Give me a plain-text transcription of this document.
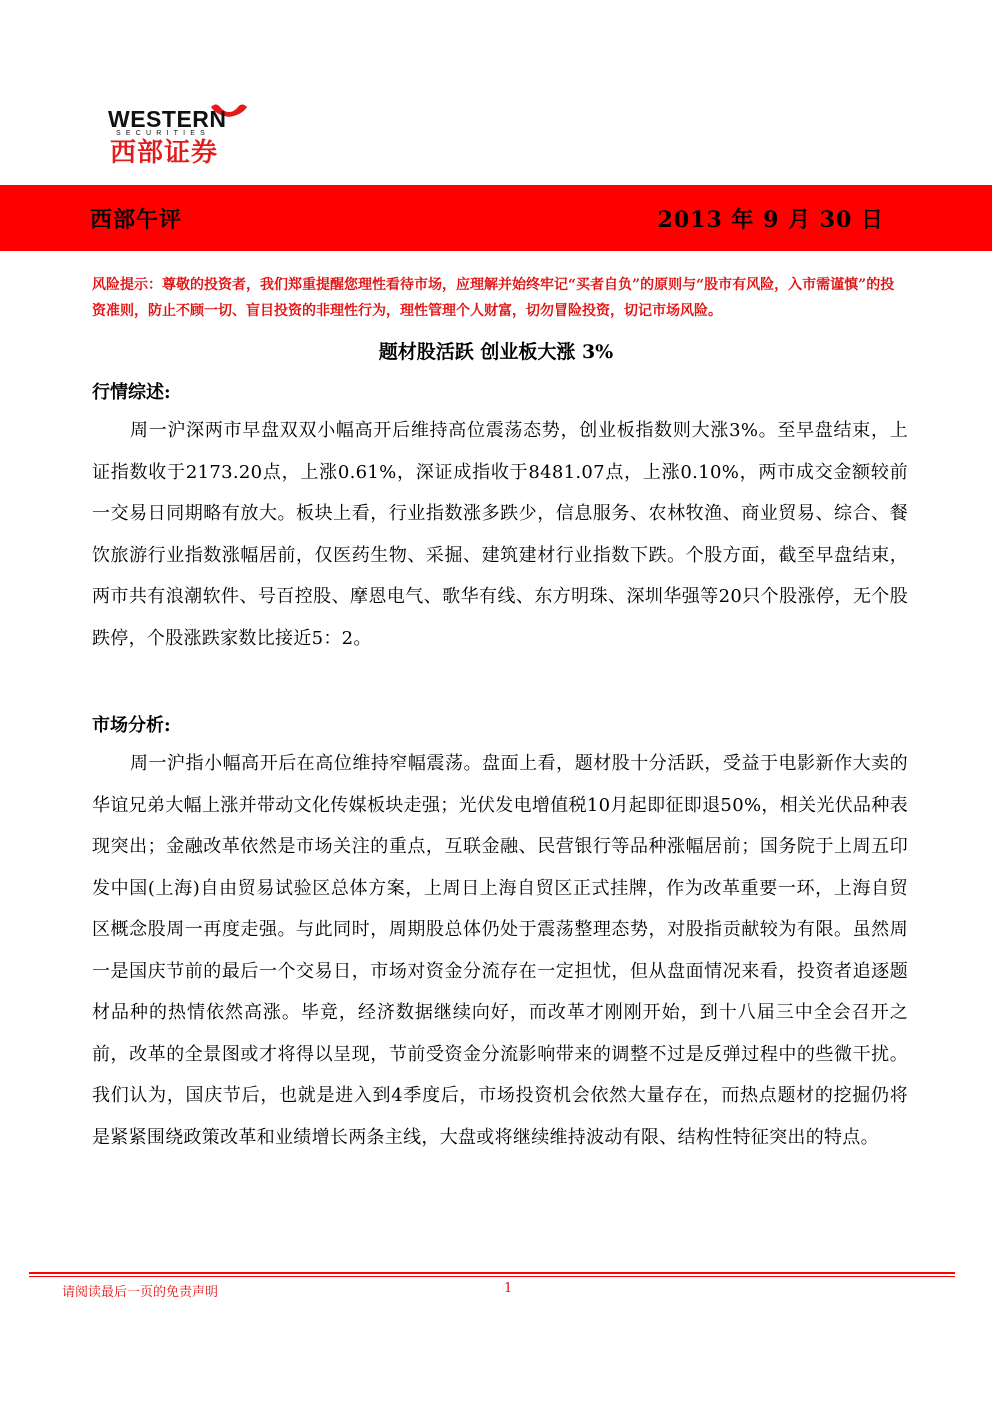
WESTERN
SECURITIES
西部证券
西部午评	2013 年 9 月 30 日

风险提示：尊敬的投资者，我们郑重提醒您理性看待市场，应理解并始终牢记“买者自负”的原则与“股市有风险，入市需谨慎”的投资准则，防止不顾一切、盲目投资的非理性行为，理性管理个人财富，切勿冒险投资，切记市场风险。

题材股活跃 创业板大涨 3%
行情综述:

周一沪深两市早盘双双小幅高开后维持高位震荡态势，创业板指数则大涨3%。至早盘结束，上证指数收于2173.20点，上涨0.61%，深证成指收于8481.07点，上涨0.10%，两市成交金额较前一交易日同期略有放大。板块上看，行业指数涨多跌少，信息服务、农林牧渔、商业贸易、综合、餐饮旅游行业指数涨幅居前，仅医药生物、采掘、建筑建材行业指数下跌。个股方面，截至早盘结束，两市共有浪潮软件、号百控股、摩恩电气、歌华有线、东方明珠、深圳华强等20只个股涨停，无个股跌停，个股涨跌家数比接近5：2。

市场分析:

周一沪指小幅高开后在高位维持窄幅震荡。盘面上看，题材股十分活跃，受益于电影新作大卖的华谊兄弟大幅上涨并带动文化传媒板块走强；光伏发电增值税10月起即征即退50%，相关光伏品种表现突出；金融改革依然是市场关注的重点，互联金融、民营银行等品种涨幅居前；国务院于上周五印发中国(上海)自由贸易试验区总体方案，上周日上海自贸区正式挂牌，作为改革重要一环，上海自贸区概念股周一再度走强。与此同时，周期股总体仍处于震荡整理态势，对股指贡献较为有限。虽然周一是国庆节前的最后一个交易日，市场对资金分流存在一定担忧，但从盘面情况来看，投资者追逐题材品种的热情依然高涨。毕竟，经济数据继续向好，而改革才刚刚开始，到十八届三中全会召开之前，改革的全景图或才将得以呈现，节前受资金分流影响带来的调整不过是反弹过程中的些微干扰。我们认为，国庆节后，也就是进入到4季度后，市场投资机会依然大量存在，而热点题材的挖掘仍将是紧紧围绕政策改革和业绩增长两条主线，大盘或将继续维持波动有限、结构性特征突出的特点。

请阅读最后一页的免责声明	1
